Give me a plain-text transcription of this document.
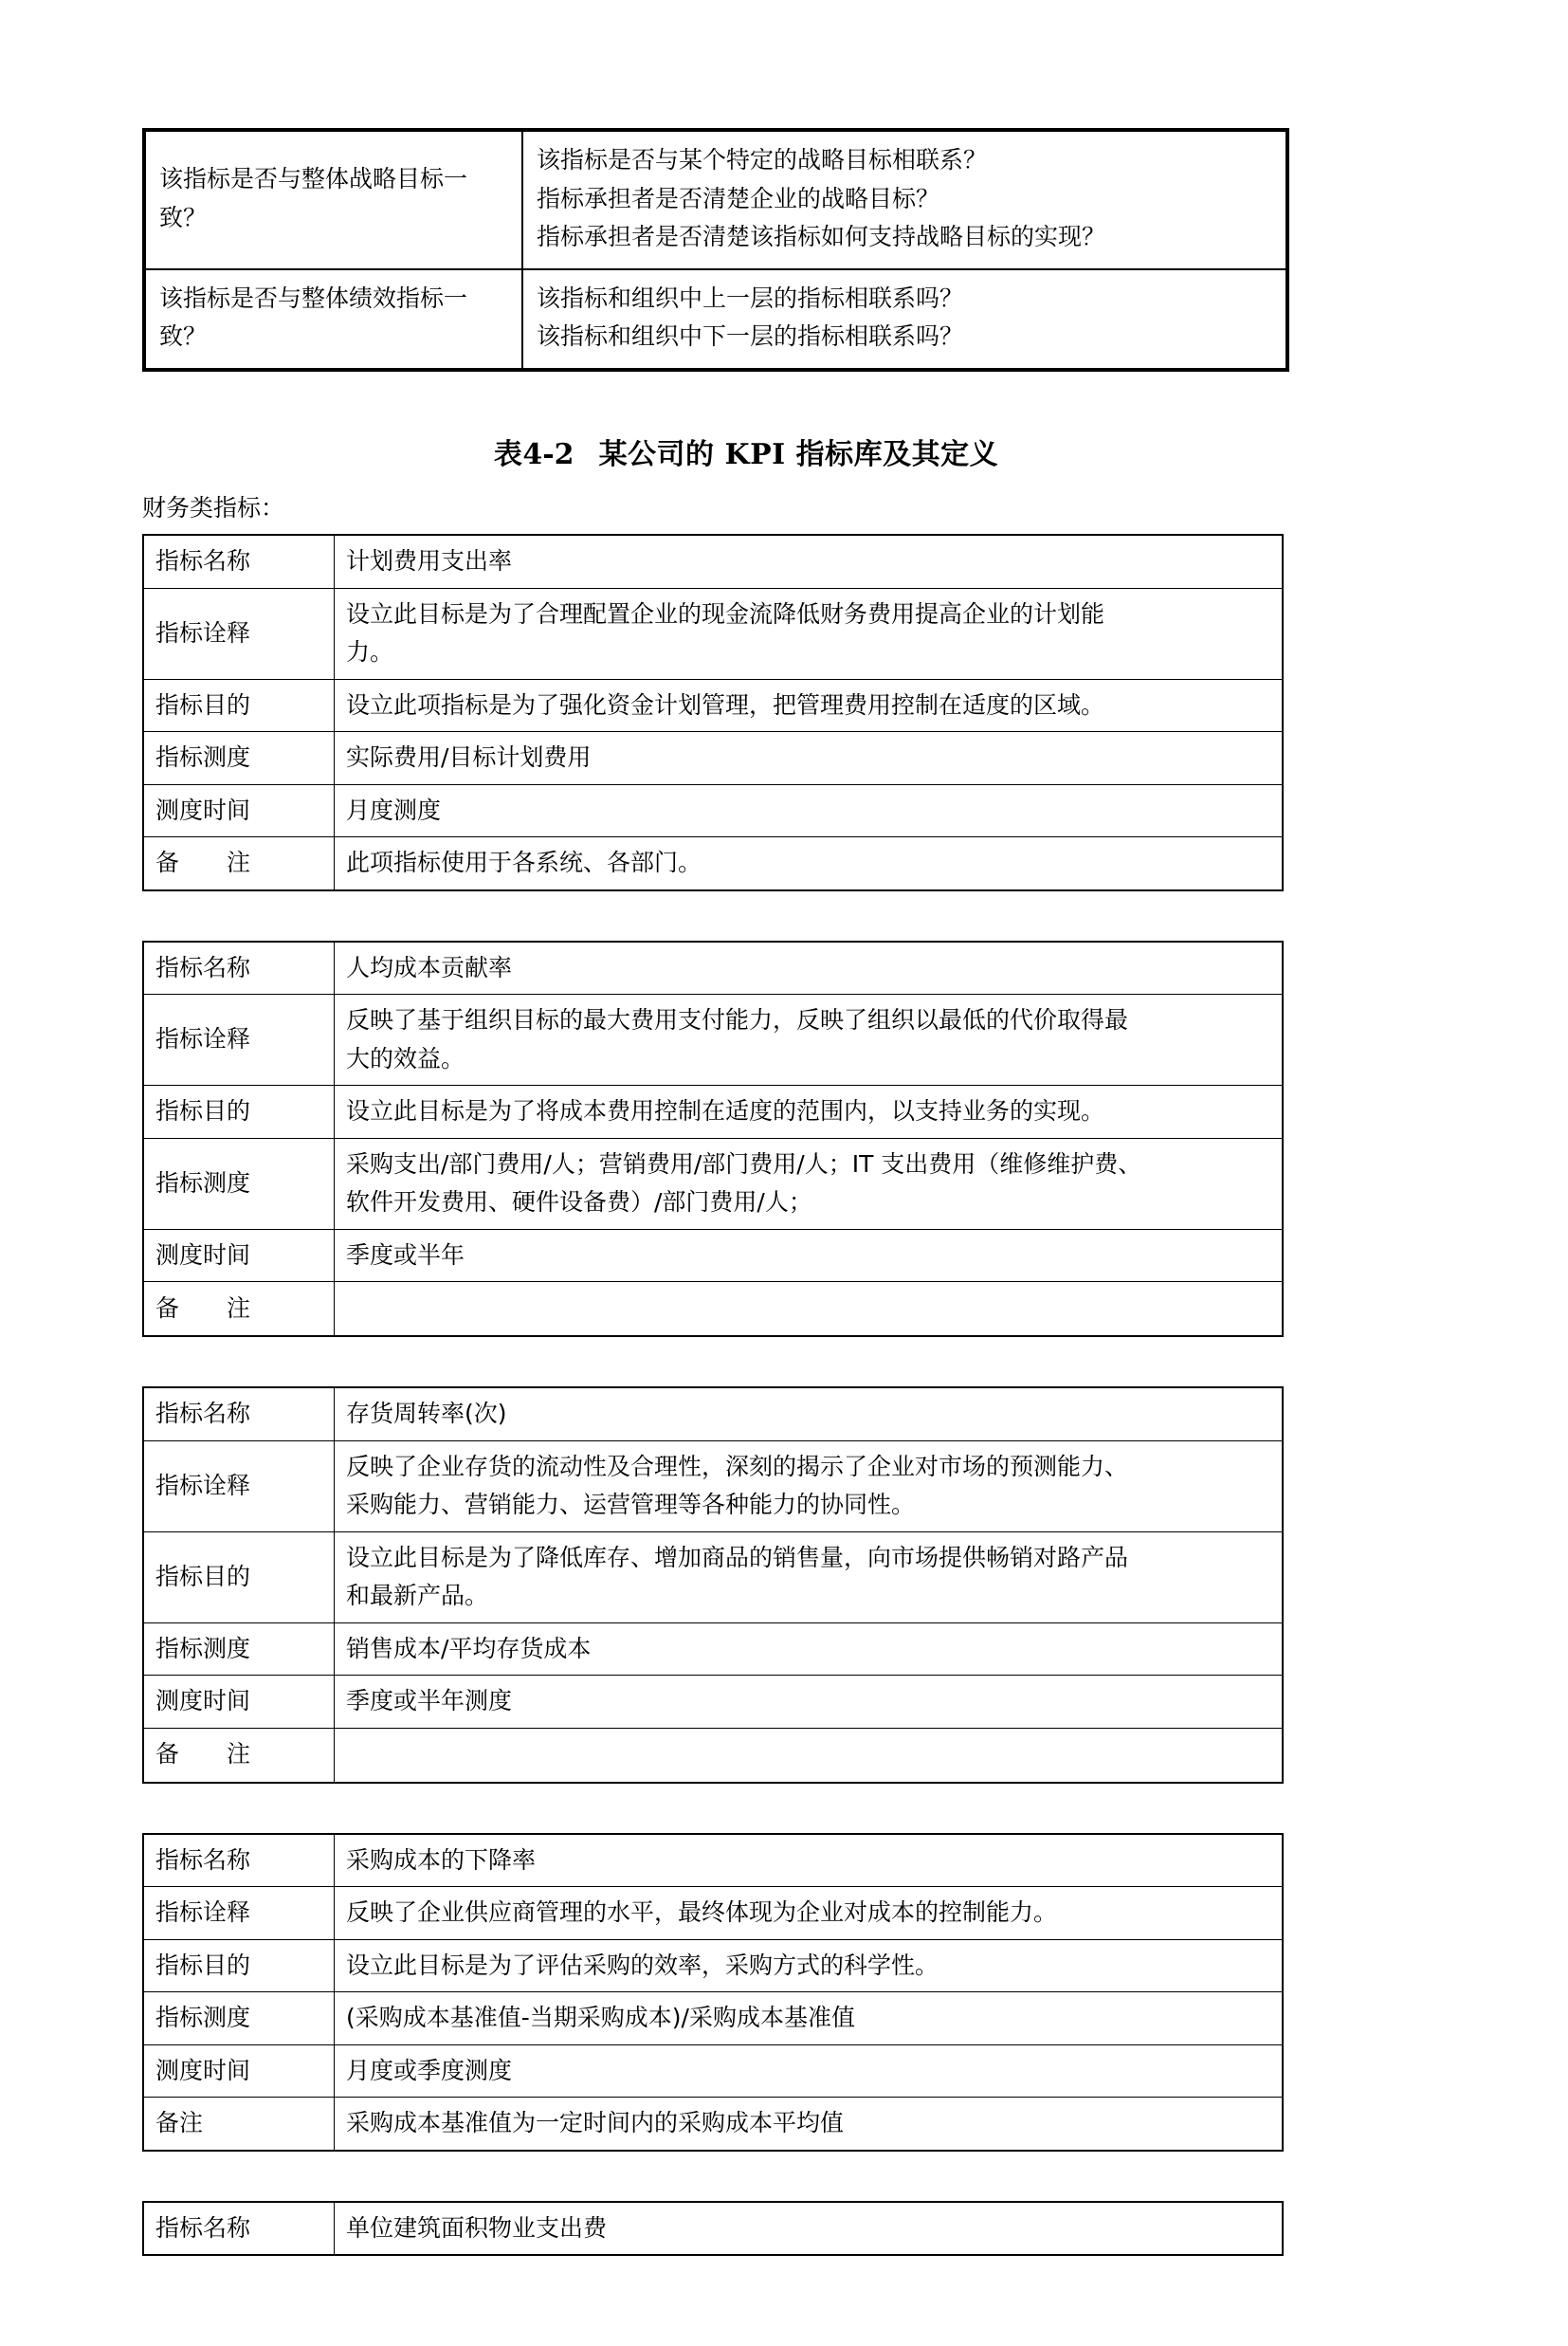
该指标是否与整体战略目标一
致？	该指标是否与某个特定的战略目标相联系？
指标承担者是否清楚企业的战略目标？
指标承担者是否清楚该指标如何支持战略目标的实现？

该指标是否与整体绩效指标一
致？	该指标和组织中上一层的指标相联系吗？
该指标和组织中下一层的指标相联系吗？
表4-2 某公司的 KPI 指标库及其定义
财务类指标：
指标名称	计划费用支出率
指标诠释	设立此目标是为了合理配置企业的现金流降低财务费用提高企业的计划能
力。

指标目的	设立此项指标是为了强化资金计划管理，把管理费用控制在适度的区域。

指标测度	实际费用/目标计划费用

测度时间	月度测度

备　　注	此项指标使用于各系统、各部门。
指标名称	人均成本贡献率
指标诠释	反映了基于组织目标的最大费用支付能力，反映了组织以最低的代价取得最
大的效益。

指标目的	设立此目标是为了将成本费用控制在适度的范围内，以支持业务的实现。

指标测度	采购支出/部门费用/人；营销费用/部门费用/人；IT 支出费用（维修维护费、
软件开发费用、硬件设备费）/部门费用/人；

测度时间	季度或半年

备　　注	
指标名称	存货周转率(次)
指标诠释	反映了企业存货的流动性及合理性，深刻的揭示了企业对市场的预测能力、
采购能力、营销能力、运营管理等各种能力的协同性。

指标目的	设立此目标是为了降低库存、增加商品的销售量，向市场提供畅销对路产品
和最新产品。

指标测度	销售成本/平均存货成本

测度时间	季度或半年测度

备　　注	
指标名称	采购成本的下降率
指标诠释	反映了企业供应商管理的水平，最终体现为企业对成本的控制能力。

指标目的	设立此目标是为了评估采购的效率，采购方式的科学性。

指标测度	(采购成本基准值-当期采购成本)/采购成本基准值

测度时间	月度或季度测度

备注	采购成本基准值为一定时间内的采购成本平均值
指标名称	单位建筑面积物业支出费
